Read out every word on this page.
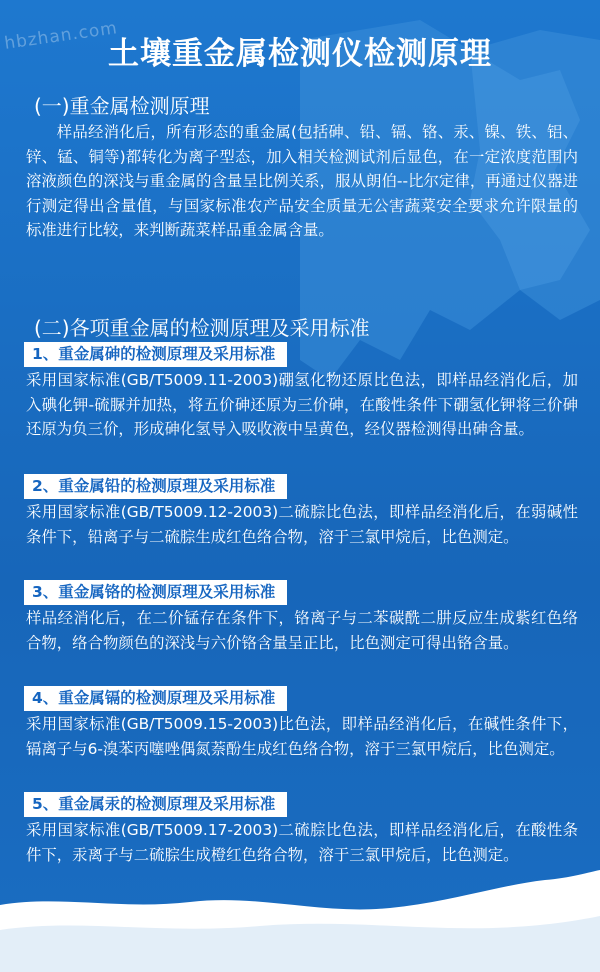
hbzhan.com
土壤重金属检测仪检测原理
(一)重金属检测原理
样品经消化后，所有形态的重金属(包括砷、铅、镉、铬、汞、镍、铁、铝、锌、锰、铜等)都转化为离子型态，加入相关检测试剂后显色，在一定浓度范围内溶液颜色的深浅与重金属的含量呈比例关系，服从朗伯--比尔定律，再通过仪器进行测定得出含量值，与国家标准农产品安全质量无公害蔬菜安全要求允许限量的标准进行比较，来判断蔬菜样品重金属含量。
(二)各项重金属的检测原理及采用标准
1、重金属砷的检测原理及采用标准
采用国家标准(GB/T5009.11-2003)硼氢化物还原比色法，即样品经消化后，加入碘化钾-硫脲并加热，将五价砷还原为三价砷，在酸性条件下硼氢化钾将三价砷还原为负三价，形成砷化氢导入吸收液中呈黄色，经仪器检测得出砷含量。
2、重金属铅的检测原理及采用标准
采用国家标准(GB/T5009.12-2003)二硫腙比色法，即样品经消化后，在弱碱性条件下，铅离子与二硫腙生成红色络合物，溶于三氯甲烷后，比色测定。
3、重金属铬的检测原理及采用标准
样品经消化后，在二价锰存在条件下，铬离子与二苯碳酰二肼反应生成紫红色络合物，络合物颜色的深浅与六价铬含量呈正比，比色测定可得出铬含量。
4、重金属镉的检测原理及采用标准
采用国家标准(GB/T5009.15-2003)比色法，即样品经消化后，在碱性条件下，镉离子与6-溴苯丙噻唑偶氮萘酚生成红色络合物，溶于三氯甲烷后，比色测定。
5、重金属汞的检测原理及采用标准
采用国家标准(GB/T5009.17-2003)二硫腙比色法，即样品经消化后，在酸性条件下，汞离子与二硫腙生成橙红色络合物，溶于三氯甲烷后，比色测定。
